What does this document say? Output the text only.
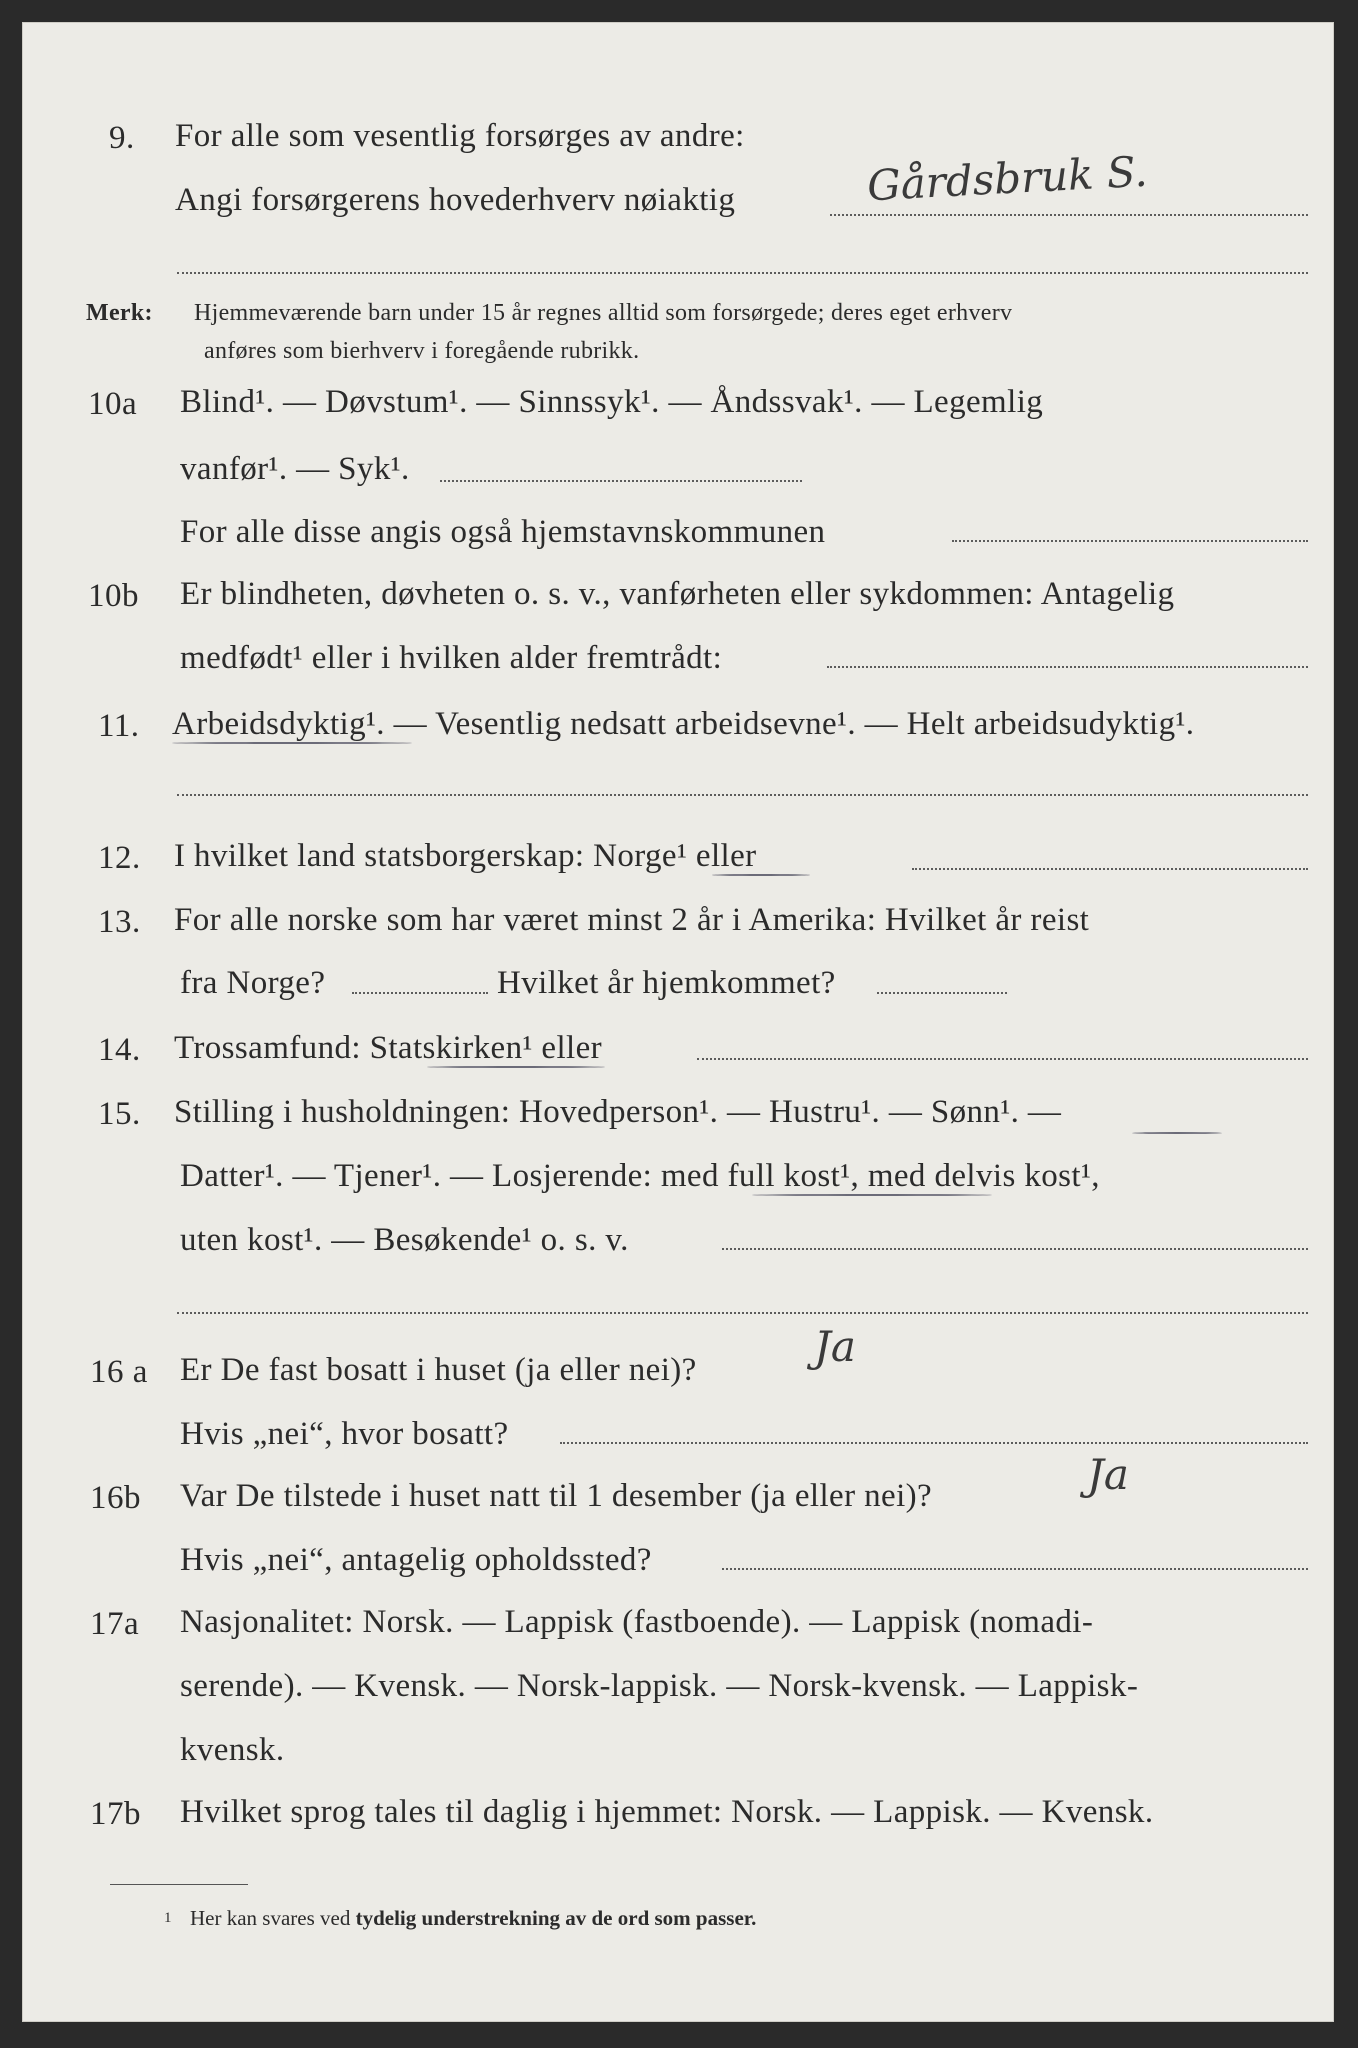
9. For alle som vesentlig forsørges av andre:
Gårdsbruk S.
Angi forsørgerens hovederhverv nøiaktig
Merk: Hjemmeværende barn under 15 år regnes alltid som forsørgede; deres eget erhverv
anføres som bierhverv i foregående rubrikk.
10a Blind¹. — Døvstum¹. — Sinnssyk¹. — Åndssvak¹. — Legemlig
vanfør¹. — Syk¹.
For alle disse angis også hjemstavnskommunen
10b Er blindheten, døvheten o. s. v., vanførheten eller sykdommen: Antagelig
medfødt¹ eller i hvilken alder fremtrådt:
11. Arbeidsdyktig¹. — Vesentlig nedsatt arbeidsevne¹. — Helt arbeidsudyktig¹.
12. I hvilket land statsborgerskap: Norge¹ eller
13. For alle norske som har været minst 2 år i Amerika: Hvilket år reist
fra Norge?	Hvilket år hjemkommet?
14. Trossamfund: Statskirken¹ eller
15. Stilling i husholdningen: Hovedperson¹. — Hustru¹. — Sønn¹. —
Datter¹. — Tjener¹. — Losjerende: med full kost¹, med delvis kost¹,
uten kost¹. — Besøkende¹ o. s. v.
16 a Er De fast bosatt i huset (ja eller nei)?	Ja
Hvis „nei“, hvor bosatt?
16b Var De tilstede i huset natt til 1 desember (ja eller nei)?	Ja
Hvis „nei“, antagelig opholdssted?
17a Nasjonalitet: Norsk. — Lappisk (fastboende). — Lappisk (nomadi-
serende). — Kvensk. — Norsk-lappisk. — Norsk-kvensk. — Lappisk-
kvensk.
17b Hvilket sprog tales til daglig i hjemmet: Norsk. — Lappisk. — Kvensk.
1 Her kan svares ved tydelig understrekning av de ord som passer.
